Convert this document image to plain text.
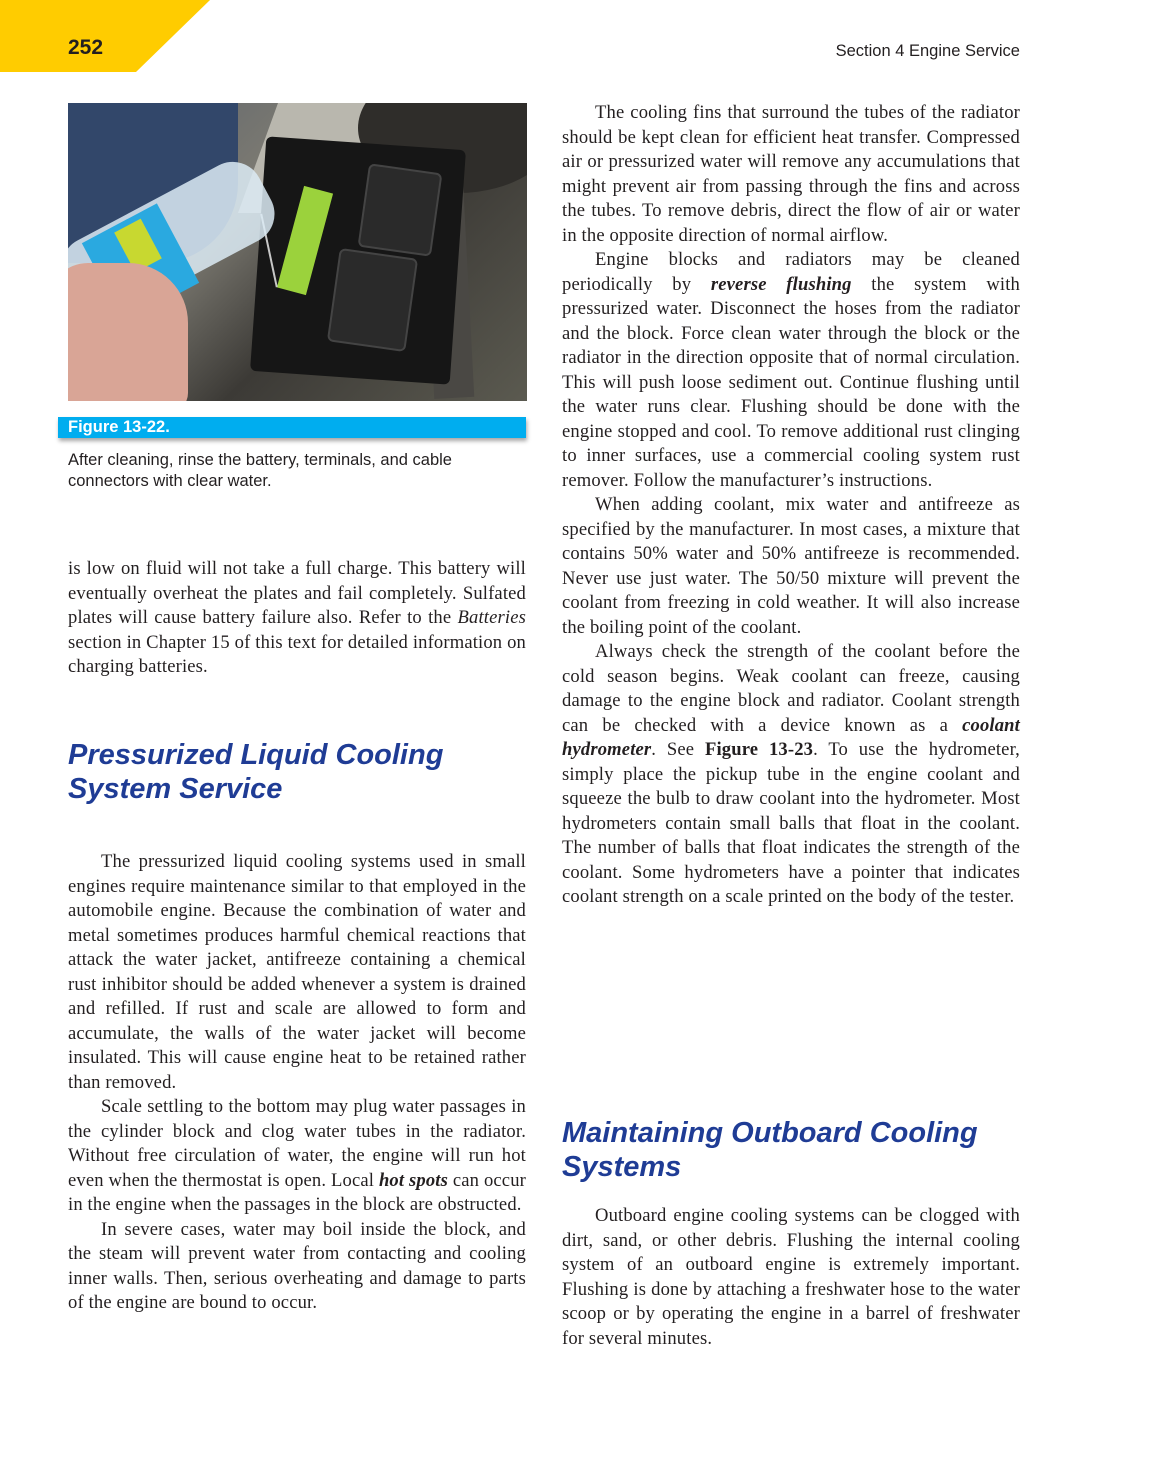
252	Section 4 Engine Service
Figure 13-22.
After cleaning, rinse the battery, terminals, and cable connectors with clear water.

is low on fluid will not take a full charge. This battery will eventually overheat the plates and fail completely. Sulfated plates will cause battery failure also. Refer to the Batteries section in Chapter 15 of this text for detailed information on charging batteries.

Pressurized Liquid Cooling System Service

The pressurized liquid cooling systems used in small engines require maintenance similar to that employed in the automobile engine. Because the combination of water and metal sometimes produces harmful chemical reactions that attack the water jacket, antifreeze containing a chemical rust inhibitor should be added whenever a system is drained and refilled. If rust and scale are allowed to form and accumulate, the walls of the water jacket will become insulated. This will cause engine heat to be retained rather than removed.

Scale settling to the bottom may plug water passages in the cylinder block and clog water tubes in the radiator. Without free circulation of water, the engine will run hot even when the thermostat is open. Local hot spots can occur in the engine when the passages in the block are obstructed.

In severe cases, water may boil inside the block, and the steam will prevent water from contacting and cooling inner walls. Then, serious overheating and damage to parts of the engine are bound to occur.

The cooling fins that surround the tubes of the radiator should be kept clean for efficient heat transfer. Compressed air or pressurized water will remove any accumulations that might prevent air from passing through the fins and across the tubes. To remove debris, direct the flow of air or water in the opposite direction of normal airflow.

Engine blocks and radiators may be cleaned periodically by reverse flushing the system with pressurized water. Disconnect the hoses from the radiator and the block. Force clean water through the block or the radiator in the direction opposite that of normal circulation. This will push loose sediment out. Continue flushing until the water runs clear. Flushing should be done with the engine stopped and cool. To remove additional rust clinging to inner surfaces, use a commercial cooling system rust remover. Follow the manufacturer’s instructions.

When adding coolant, mix water and antifreeze as specified by the manufacturer. In most cases, a mixture that contains 50% water and 50% antifreeze is recommended. Never use just water. The 50/50 mixture will prevent the coolant from freezing in cold weather. It will also increase the boiling point of the coolant.

Always check the strength of the coolant before the cold season begins. Weak coolant can freeze, causing damage to the engine block and radiator. Coolant strength can be checked with a device known as a coolant hydrometer. See Figure 13-23. To use the hydrometer, simply place the pickup tube in the engine coolant and squeeze the bulb to draw coolant into the hydrometer. Most hydrometers contain small balls that float in the coolant. The number of balls that float indicates the strength of the coolant. Some hydrometers have a pointer that indicates coolant strength on a scale printed on the body of the tester.

Maintaining Outboard Cooling Systems

Outboard engine cooling systems can be clogged with dirt, sand, or other debris. Flushing the internal cooling system of an outboard engine is extremely important. Flushing is done by attaching a freshwater hose to the water scoop or by operating the engine in a barrel of freshwater for several minutes.
